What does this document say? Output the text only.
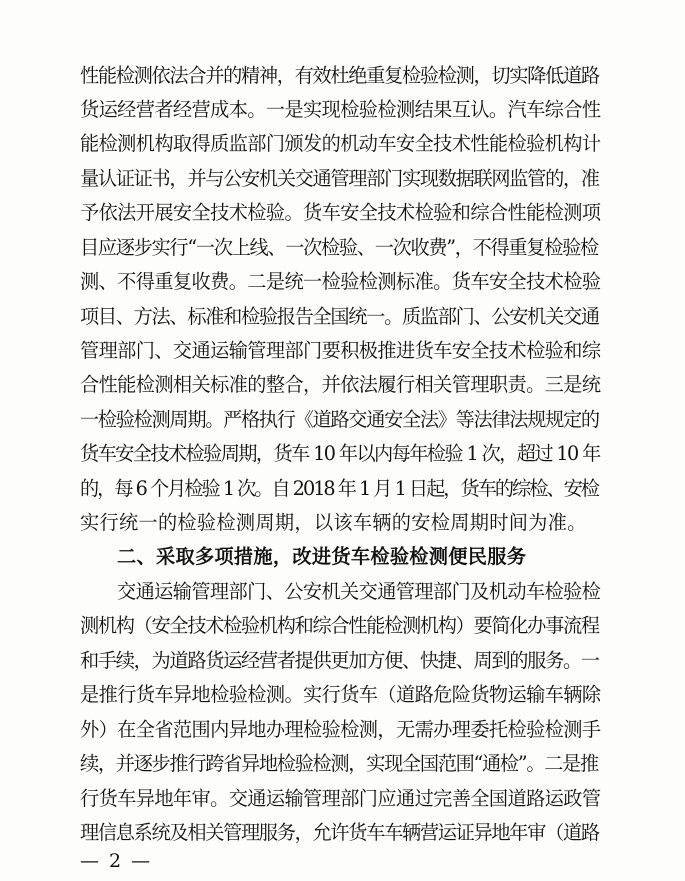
性能检测依法合并的精神，有效杜绝重复检验检测，切实降低道路
货运经营者经营成本。一是实现检验检测结果互认。汽车综合性
能检测机构取得质监部门颁发的机动车安全技术性能检验机构计
量认证证书，并与公安机关交通管理部门实现数据联网监管的，准
予依法开展安全技术检验。货车安全技术检验和综合性能检测项
目应逐步实行“一次上线、一次检验、一次收费”，不得重复检验检
测、不得重复收费。二是统一检验检测标准。货车安全技术检验
项目、方法、标准和检验报告全国统一。质监部门、公安机关交通
管理部门、交通运输管理部门要积极推进货车安全技术检验和综
合性能检测相关标准的整合，并依法履行相关管理职责。三是统
一检验检测周期。严格执行《道路交通安全法》等法律法规规定的
货车安全技术检验周期，货车 10 年以内每年检验 1 次，超过 10 年
的，每 6 个月检验 1 次。自 2018 年 1 月 1 日起，货车的综检、安检
实行统一的检验检测周期，以该车辆的安检周期时间为准。
二、采取多项措施，改进货车检验检测便民服务
交通运输管理部门、公安机关交通管理部门及机动车检验检
测机构（安全技术检验机构和综合性能检测机构）要简化办事流程
和手续，为道路货运经营者提供更加方便、快捷、周到的服务。一
是推行货车异地检验检测。实行货车（道路危险货物运输车辆除
外）在全省范围内异地办理检验检测，无需办理委托检验检测手
续，并逐步推行跨省异地检验检测，实现全国范围“通检”。二是推
行货车异地年审。交通运输管理部门应通过完善全国道路运政管
理信息系统及相关管理服务，允许货车车辆营运证异地年审（道路
— 2 —
